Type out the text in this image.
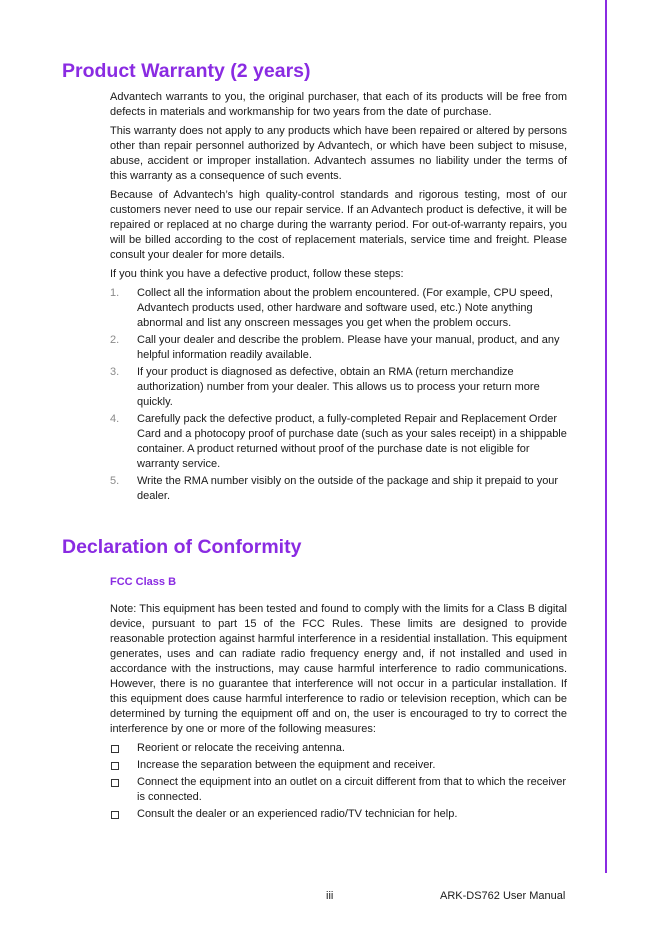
Product Warranty (2 years)

Advantech warrants to you, the original purchaser, that each of its products will be free from defects in materials and workmanship for two years from the date of purchase.

This warranty does not apply to any products which have been repaired or altered by persons other than repair personnel authorized by Advantech, or which have been subject to misuse, abuse, accident or improper installation. Advantech assumes no liability under the terms of this warranty as a consequence of such events.

Because of Advantech’s high quality-control standards and rigorous testing, most of our customers never need to use our repair service. If an Advantech product is defective, it will be repaired or replaced at no charge during the warranty period. For out-of-warranty repairs, you will be billed according to the cost of replacement materials, service time and freight. Please consult your dealer for more details.

If you think you have a defective product, follow these steps:

1. Collect all the information about the problem encountered. (For example, CPU speed, Advantech products used, other hardware and software used, etc.) Note anything abnormal and list any onscreen messages you get when the problem occurs.
2. Call your dealer and describe the problem. Please have your manual, product, and any helpful information readily available.
3. If your product is diagnosed as defective, obtain an RMA (return merchandize authorization) number from your dealer. This allows us to process your return more quickly.
4. Carefully pack the defective product, a fully-completed Repair and Replacement Order Card and a photocopy proof of purchase date (such as your sales receipt) in a shippable container. A product returned without proof of the purchase date is not eligible for warranty service.
5. Write the RMA number visibly on the outside of the package and ship it prepaid to your dealer.
Declaration of Conformity
FCC Class B

Note: This equipment has been tested and found to comply with the limits for a Class B digital device, pursuant to part 15 of the FCC Rules. These limits are designed to provide reasonable protection against harmful interference in a residential installation. This equipment generates, uses and can radiate radio frequency energy and, if not installed and used in accordance with the instructions, may cause harmful interference to radio communications. However, there is no guarantee that interference will not occur in a particular installation. If this equipment does cause harmful interference to radio or television reception, which can be determined by turning the equipment off and on, the user is encouraged to try to correct the interference by one or more of the following measures:

Reorient or relocate the receiving antenna.
Increase the separation between the equipment and receiver.
Connect the equipment into an outlet on a circuit different from that to which the receiver is connected.
Consult the dealer or an experienced radio/TV technician for help.
iii	ARK-DS762 User Manual
